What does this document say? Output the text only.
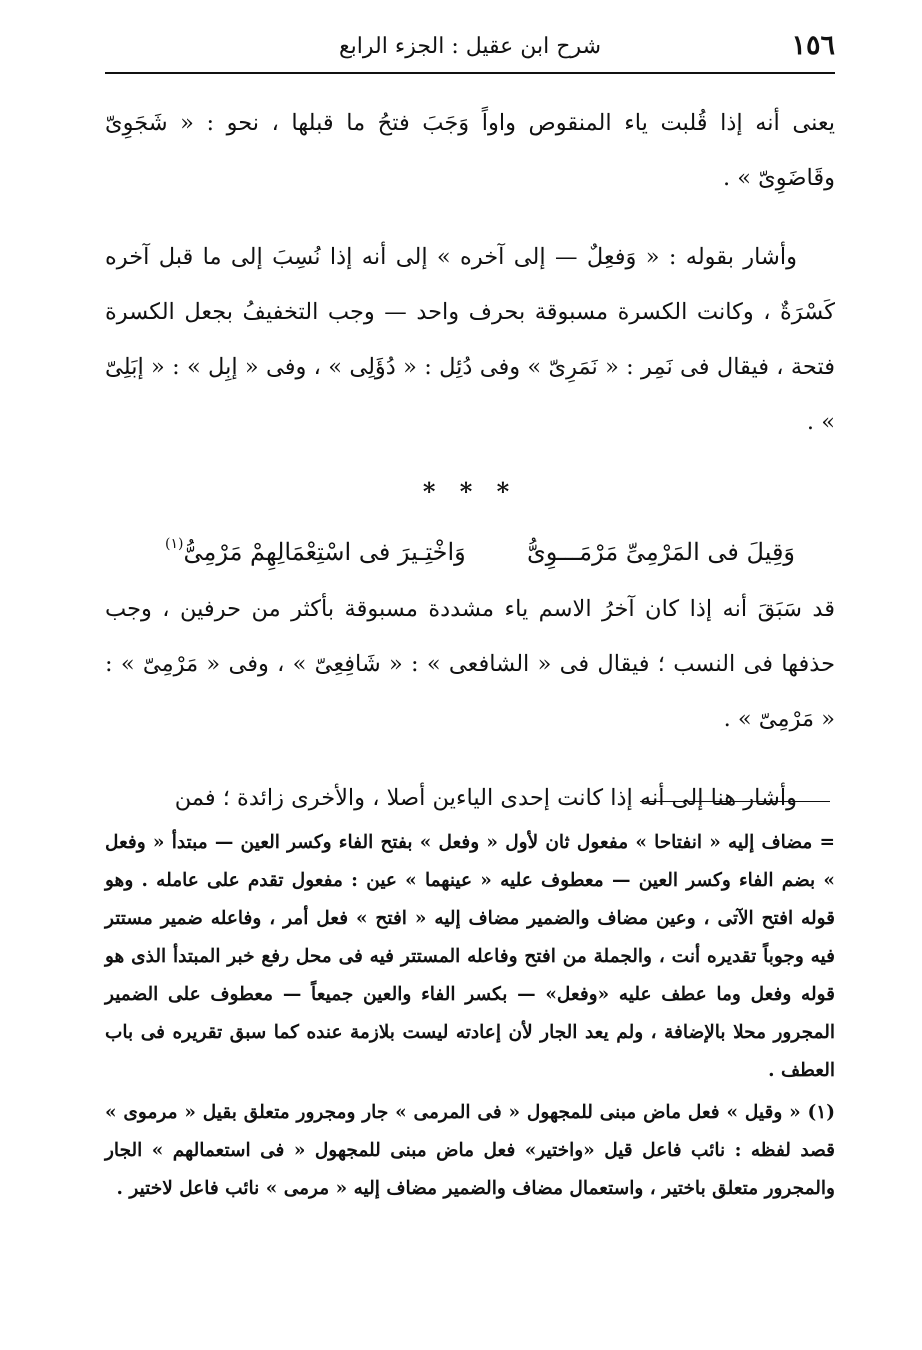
١٥٦
شرح ابن عقيل : الجزء الرابع

يعنى أنه إذا قُلبت ياء المنقوص واواً وَجَبَ فتحُ ما قبلها ، نحو : « شَجَوِىّ وقَاضَوِىّ » .

وأشار بقوله : « وَفعِلٌ — إلى آخره » إلى أنه إذا نُسِبَ إلى ما قبل آخره كَسْرَةٌ ، وكانت الكسرة مسبوقة بحرف واحد — وجب التخفيفُ بجعل الكسرة فتحة ، فيقال فى نَمِر : « نَمَرِىّ » وفى دُئِل : « دُؤَلِى » ، وفى « إبِل » : « إبَلِىّ » .

* * *
وَقِيلَ فى المَرْمِىِّ مَرْمَـــوِىُّ
وَاخْتِـيرَ فى اسْتِعْمَالِهِمْ مَرْمِىُّ$^{(١)}$

قد سَبَقَ أنه إذا كان آخرُ الاسم ياء مشددة مسبوقة بأكثر من حرفين ، وجب حذفها فى النسب ؛ فيقال فى « الشافعى » : « شَافِعِىّ » ، وفى « مَرْمِىّ » : « مَرْمِىّ » .

وأشار هنا إلى أنه إذا كانت إحدى الياءين أصلا ، والأخرى زائدة ؛ فمن

= مضاف إليه « انفتاحا » مفعول ثان لأول « وفعل » بفتح الفاء وكسر العين — مبتدأ « وفعل » بضم الفاء وكسر العين — معطوف عليه « عينهما » عين : مفعول تقدم على عامله . وهو قوله افتح الآتى ، وعين مضاف والضمير مضاف إليه « افتح » فعل أمر ، وفاعله ضمير مستتر فيه وجوباً تقديره أنت ، والجملة من افتح وفاعله المستتر فيه فى محل رفع خبر المبتدأ الذى هو قوله وفعل وما عطف عليه «وفعل» — بكسر الفاء والعين جميعاً — معطوف على الضمير المجرور محلا بالإضافة ، ولم يعد الجار لأن إعادته ليست بلازمة عنده كما سبق تقريره فى باب العطف .

(١) « وقيل » فعل ماض مبنى للمجهول « فى المرمى » جار ومجرور متعلق بقيل « مرموى » قصد لفظه : نائب فاعل قيل «واختير» فعل ماض مبنى للمجهول « فى استعمالهم » الجار والمجرور متعلق باختير ، واستعمال مضاف والضمير مضاف إليه « مرمى » نائب فاعل لاختير .
